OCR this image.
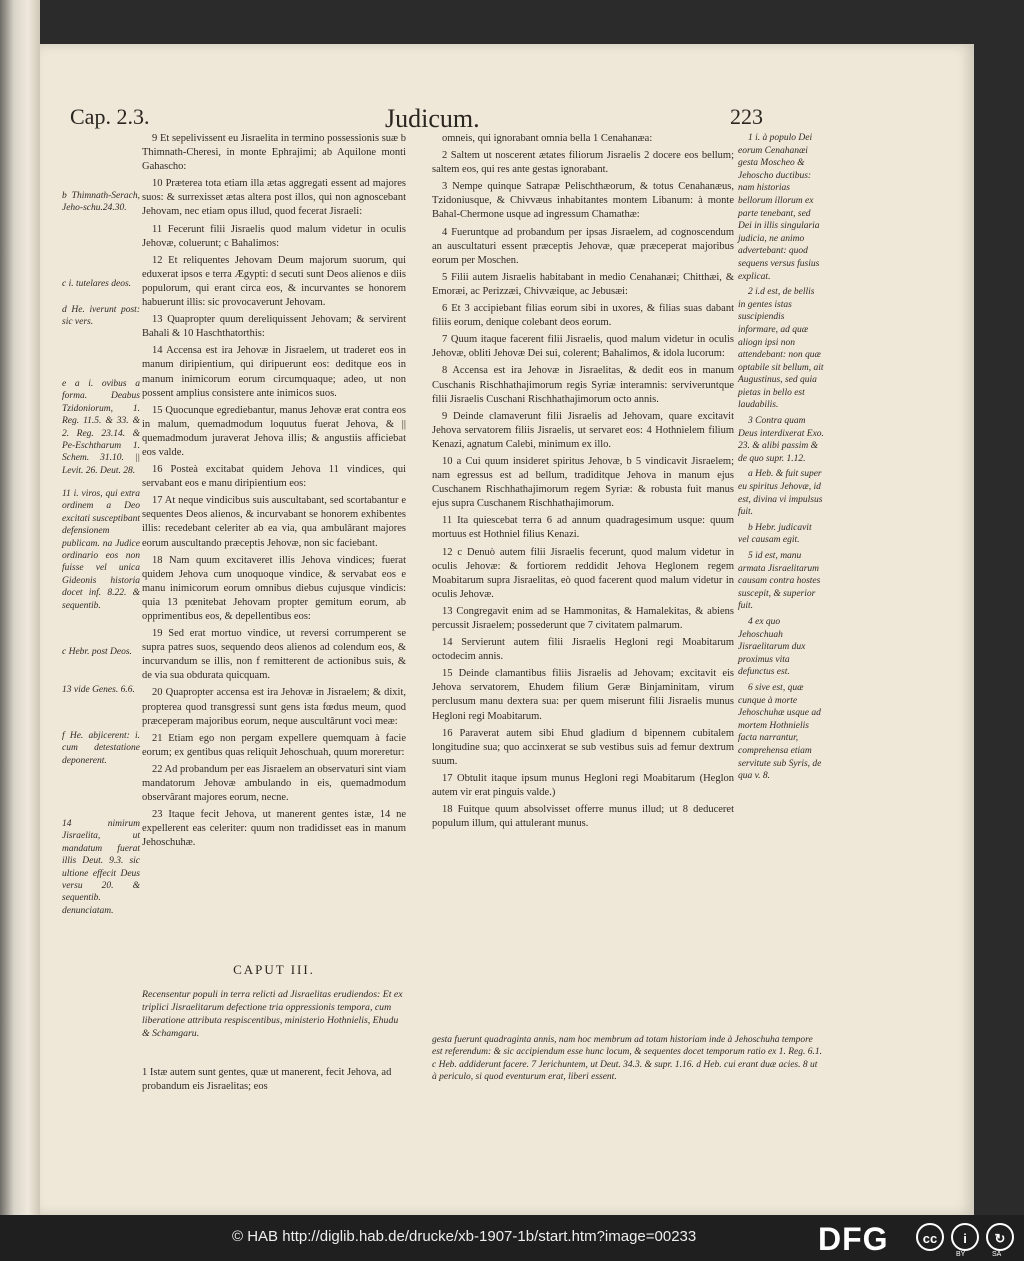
Cap. 2.3.	Judicum.	223
b Thimnath-Serach, Jeho-schu.24.30.
c i. tutelares deos.
d He. iverunt post: sic vers.
e a i. ovibus a forma. Deabus Tzidoniorum, 1. Reg. 11.5. & 33. & 2. Reg. 23.14. & Pe-Eschtharum 1. Schem. 31.10. || Levit. 26. Deut. 28.
11 i. viros, qui extra ordinem a Deo excitati susceptibant defensionem publicam. na Judice ordinario eos non fuisse vel unica Gideonis historia docet inf. 8.22. & sequentib.
c Hebr. post Deos.
13 vide Genes. 6.6.
f He. abjicerent: i. cum detestatione deponerent.
14 nimirum Jisraelita, ut mandatum fuerat illis Deut. 9.3. sic ultione effecit Deus versu 20. & sequentib. denunciatam.

9 Et sepelivissent eu Jisraelita in termino possessionis suæ b Thimnath-Cheresi, in monte Ephrajimi; ab Aquilone monti Gahascho:

10 Præterea tota etiam illa ætas aggregati essent ad majores suos: & surrexisset ætas altera post illos, qui non agnoscebant Jehovam, nec etiam opus illud, quod fecerat Jisraeli:

11 Fecerunt filii Jisraelis quod malum videtur in oculis Jehovæ, coluerunt; c Bahalimos:

12 Et reliquentes Jehovam Deum majorum suorum, qui eduxerat ipsos e terra Ægypti: d secuti sunt Deos alienos e diis populorum, qui erant circa eos, & incurvantes se honorem habuerunt illis: sic provocaverunt Jehovam.

13 Quapropter quum dereliquissent Jehovam; & servirent Bahali & 10 Haschthatorthis:

14 Accensa est ira Jehovæ in Jisraelem, ut traderet eos in manum diripientium, qui diripuerunt eos: deditque eos in manum inimicorum eorum circumquaque; adeo, ut non possent amplius consistere ante inimicos suos.

15 Quocunque egrediebantur, manus Jehovæ erat contra eos in malum, quemadmodum loquutus fuerat Jehova, & || quemadmodum juraverat Jehova illis; & angustiis afficiebat eos valde.

16 Posteà excitabat quidem Jehova 11 vindices, qui servabant eos e manu diripientium eos:

17 At neque vindicibus suis auscultabant, sed scortabantur e sequentes Deos alienos, & incurvabant se honorem exhibentes illis: recedebant celeriter ab ea via, qua ambulârant majores eorum auscultando præceptis Jehovæ, non sic faciebant.

18 Nam quum excitaveret illis Jehova vindices; fuerat quidem Jehova cum unoquoque vindice, & servabat eos e manu inimicorum eorum omnibus diebus cujusque vindicis: quia 13 pœnitebat Jehovam propter gemitum eorum, ab opprimentibus eos, & depellentibus eos:

19 Sed erat mortuo vindice, ut reversi corrumperent se supra patres suos, sequendo deos alienos ad colendum eos, & incurvandum se illis, non f remitterent de actionibus suis, & de via sua obdurata quicquam.

20 Quapropter accensa est ira Jehovæ in Jisraelem; & dixit, propterea quod transgressi sunt gens ista fœdus meum, quod præceperam majoribus eorum, neque auscultârunt voci meæ:

21 Etiam ego non pergam expellere quemquam à facie eorum; ex gentibus quas reliquit Jehoschuah, quum moreretur:

22 Ad probandum per eas Jisraelem an observaturi sint viam mandatorum Jehovæ ambulando in eis, quemadmodum observârant majores eorum, necne.

23 Itaque fecit Jehova, ut manerent gentes istæ, 14 ne expellerent eas celeriter: quum non tradidisset eas in manum Jehoschuhæ.

CAPUT III.
Recensentur populi in terra relicti ad Jisraelitas erudiendos: Et ex triplici Jisraelitarum defectione tria oppressionis tempora, cum liberatione attributa respiscentibus, ministerio Hothnielis, Ehudu & Schamgaru.
1 Istæ autem sunt gentes, quæ ut manerent, fecit Jehova, ad probandum eis Jisraelitas; eos

omneis, qui ignorabant omnia bella 1 Cenahanæa:

2 Saltem ut noscerent ætates filiorum Jisraelis 2 docere eos bellum; saltem eos, qui res ante gestas ignorabant.

3 Nempe quinque Satrapæ Pelischthæorum, & totus Cenahanæus, Tzidoniusque, & Chivvæus inhabitantes montem Libanum: à monte Bahal-Chermone usque ad ingressum Chamathæ:

4 Fueruntque ad probandum per ipsas Jisraelem, ad cognoscendum an auscultaturi essent præceptis Jehovæ, quæ præceperat majoribus eorum per Moschen.

5 Filii autem Jisraelis habitabant in medio Cenahanæi; Chitthæi, & Emoræi, ac Perizzæi, Chivvæique, ac Jebusæi:

6 Et 3 accipiebant filias eorum sibi in uxores, & filias suas dabant filiis eorum, denique colebant deos eorum.

7 Quum itaque facerent filii Jisraelis, quod malum videtur in oculis Jehovæ, obliti Jehovæ Dei sui, colerent; Bahalimos, & idola lucorum:

8 Accensa est ira Jehovæ in Jisraelitas, & dedit eos in manum Cuschanis Rischhathajimorum regis Syriæ interamnis: serviveruntque filii Jisraelis Cuschani Rischhathajimorum octo annis.

9 Deinde clamaverunt filii Jisraelis ad Jehovam, quare excitavit Jehova servatorem filiis Jisraelis, ut servaret eos: 4 Hothnielem filium Kenazi, agnatum Calebi, minimum ex illo.

10 a Cui quum insideret spiritus Jehovæ, b 5 vindicavit Jisraelem; nam egressus est ad bellum, tradiditque Jehova in manum ejus Cuschanem Rischhathajimorum regem Syriæ: & robusta fuit manus ejus supra Cuschanem Rischhathajimorum.

11 Ita quiescebat terra 6 ad annum quadragesimum usque: quum mortuus est Hothniel filius Kenazi.

12 c Denuò autem filii Jisraelis fecerunt, quod malum videtur in oculis Jehovæ: & fortiorem reddidit Jehova Heglonem regem Moabitarum supra Jisraelitas, eò quod facerent quod malum videtur in oculis Jehovæ.

13 Congregavit enim ad se Hammonitas, & Hamalekitas, & abiens percussit Jisraelem; possederunt que 7 civitatem palmarum.

14 Servierunt autem filii Jisraelis Hegloni regi Moabitarum octodecim annis.

15 Deinde clamantibus filiis Jisraelis ad Jehovam; excitavit eis Jehova servatorem, Ehudem filium Geræ Binjaminitam, virum perclusum manu dextera sua: per quem miserunt filii Jisraelis munus Hegloni regi Moabitarum.

16 Paraverat autem sibi Ehud gladium d bipennem cubitalem longitudine sua; quo accinxerat se sub vestibus suis ad femur dextrum suum.

17 Obtulit itaque ipsum munus Hegloni regi Moabitarum (Heglon autem vir erat pinguis valde.)

18 Fuitque quum absolvisset offerre munus illud; ut 8 deduceret populum illum, qui attulerant munus.

1 i. à populo Dei eorum Cenahanæi gesta Moscheo & Jehoscho ductibus: nam historias bellorum illorum ex parte tenebant, sed Dei in illis singularia judicia, ne animo advertebant: quod sequens versus fusius explicat.

2 i.d est, de bellis in gentes istas suscipiendis informare, ad quæ aliogn ipsi non attendebant: non quæ optabile sit bellum, ait Augustinus, sed quia pietas in bello est laudabilis.

3 Contra quam Deus interdixerat Exo. 23. & alibi passim & de quo supr. 1.12.

a Heb. & fuit super eu spiritus Jehovæ, id est, divina vi impulsus fuit.

b Hebr. judicavit vel causam egit.

5 id est, manu armata Jisraelitarum causam contra hostes suscepit, & superior fuit.

4 ex quo Jehoschuah Jisraelitarum dux proximus vita defunctus est.

6 sive est, quæ cunque à morte Jehoschuhæ usque ad mortem Hothnielis facta narrantur, comprehensa etiam servitute sub Syris, de qua v. 8.

gesta fuerunt quadraginta annis, nam hoc membrum ad totam historiam inde à Jehoschuha tempore est referendum: & sic accipiendum esse hunc locum, & sequentes docet temporum ratio ex 1. Reg. 6.1. c Heb. addiderunt facere. 7 Jerichuntem, ut Deut. 34.3. & supr. 1.16. d Heb. cui erant duæ acies. 8 ut à periculo, si quod eventurum erat, liberi essent.
© HAB http://diglib.hab.de/drucke/xb-1907-1b/start.htm?image=00233	DFG	cc	i	↻
BY	SA
